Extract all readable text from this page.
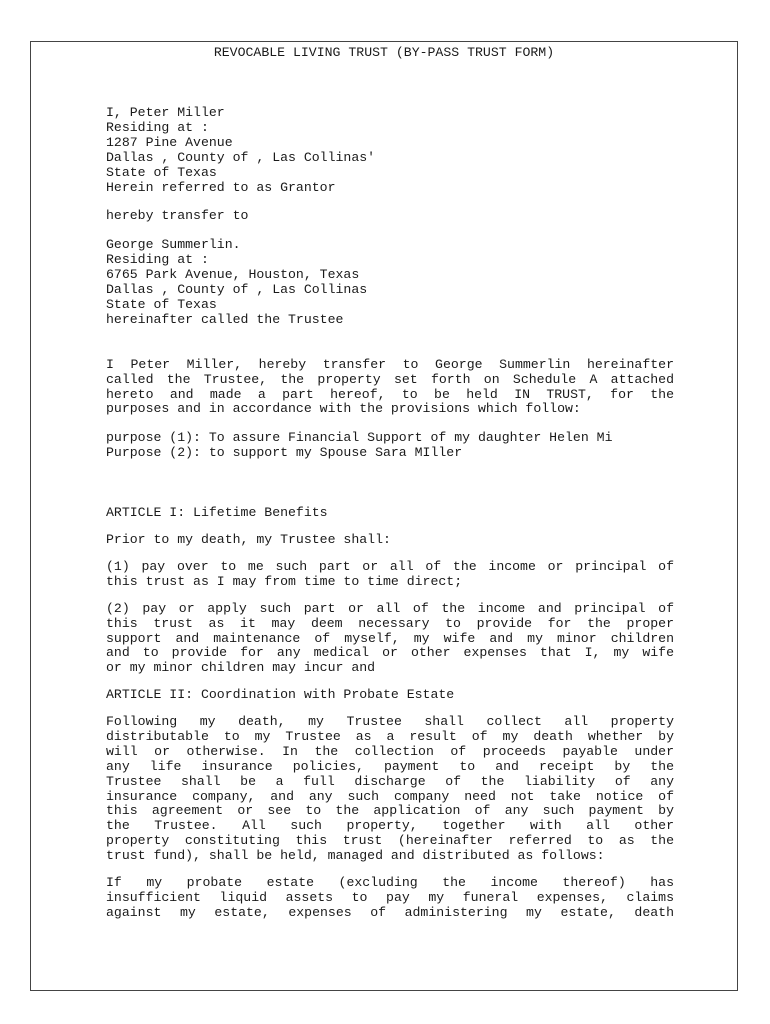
REVOCABLE LIVING TRUST (BY-PASS TRUST FORM)
I, Peter Miller
Residing at :
1287 Pine Avenue
Dallas , County of , Las Collinas'
State of Texas
Herein referred to as Grantor
hereby transfer to
George Summerlin.
Residing at :
6765 Park Avenue, Houston, Texas
Dallas , County of , Las Collinas
State of Texas
hereinafter called the Trustee
I Peter Miller, hereby transfer to George Summerlin hereinafter
called the Trustee, the property set forth on Schedule A attached
hereto and made a part hereof, to be held IN TRUST, for the
purposes and in accordance with the provisions which follow:
purpose (1): To assure Financial Support of my daughter Helen Mi
Purpose (2): to support my Spouse Sara MIller
ARTICLE I: Lifetime Benefits
Prior to my death, my Trustee shall:
(1) pay over to me such part or all of the income or principal of
this trust as I may from time to time direct;
(2) pay or apply such part or all of the income and principal of
this trust as it may deem necessary to provide for the proper
support and maintenance of myself, my wife and my minor children
and to provide for any medical or other expenses that I, my wife
or my minor children may incur and
ARTICLE II: Coordination with Probate Estate
Following my death, my Trustee shall collect all property
distributable to my Trustee as a result of my death whether by
will or otherwise. In the collection of proceeds payable under
any life insurance policies, payment to and receipt by the
Trustee shall be a full discharge of the liability of any
insurance company, and any such company need not take notice of
this agreement or see to the application of any such payment by
the Trustee. All such property, together with all other
property constituting this trust (hereinafter referred to as the
trust fund), shall be held, managed and distributed as follows:
If my probate estate (excluding the income thereof) has
insufficient liquid assets to pay my funeral expenses, claims
against my estate, expenses of administering my estate, death
